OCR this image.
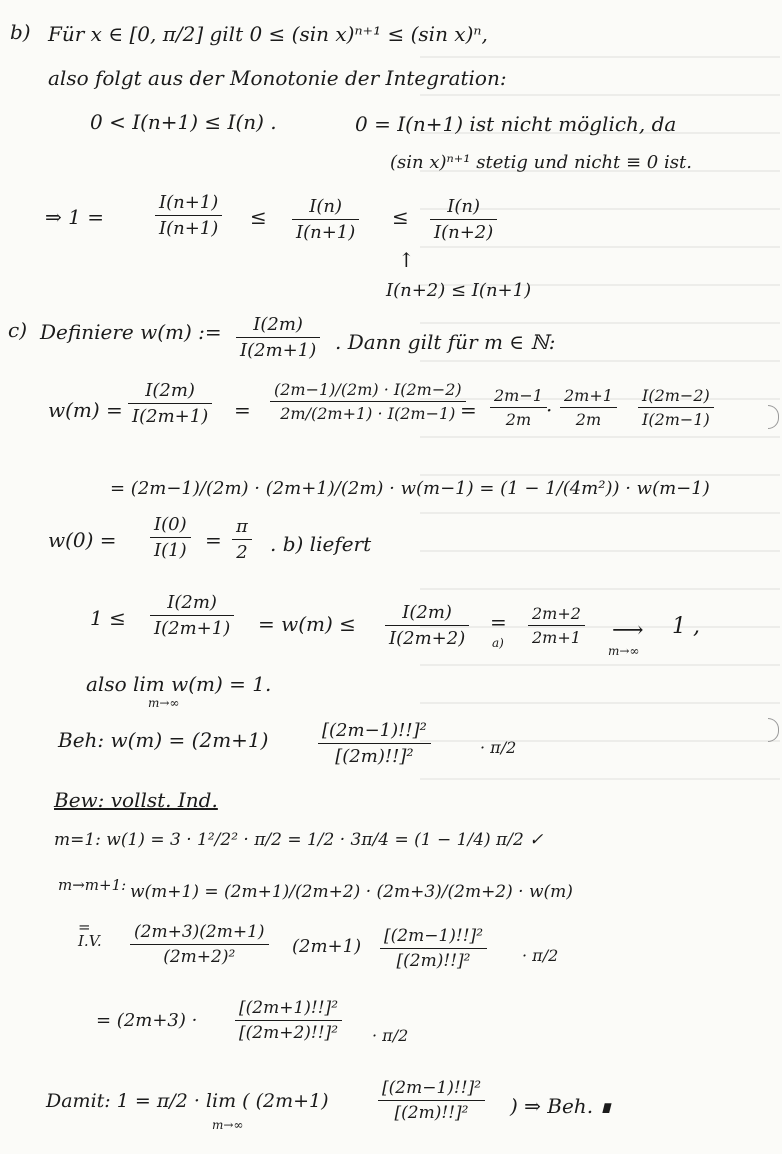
b) Für x ∈ [0, π/2] gilt 0 ≤ (sin x)ⁿ⁺¹ ≤ (sin x)ⁿ,
also folgt aus der Monotonie der Integration:
0 < I(n+1) ≤ I(n) .	0 = I(n+1) ist nicht möglich, da
(sin x)ⁿ⁺¹ stetig und nicht ≡ 0 ist.
⇒ 1 =	$\frac{I(n+1)}{I(n+1)} \le \frac{I(n)}{I(n+1)} \le \frac{I(n)}{I(n+2)}$
↑
I(n+2) ≤ I(n+1)
c) Definiere w(m) := $\frac{I(2m)}{I(2m+1)}$ . Dann gilt für m ∈ ℕ:
$w(m) = \frac{I(2m)}{I(2m+1)} = \frac{(2m-1)/(2m) \cdot I(2m-2)}{2m/(2m+1) \cdot I(2m-1)}$
= $\frac{2m-1}{2m} \cdot \frac{2m+1}{2m} \frac{I(2m-2)}{I(2m-1)}$
= (2m−1)/(2m) · (2m+1)/(2m) · w(m−1) = (1 − 1/(4m²)) · w(m−1)
$w(0) = \frac{I(0)}{I(1)} = \frac{\pi}{2}$ . b) liefert
$1 \le \frac{I(2m)}{I(2m+1)} = w(m) \le \frac{I(2m)}{I(2m+2)}$ =
$a) \frac{2m+2}{2m+1}$ ⟶
m→∞
1 ,
also lim w(m) = 1.
m→∞
Beh: w(m) = (2m+1)	$\frac{\text{[(2m−1)!!]²}}{\text{[(2m)!!]²}}$	· π/2
Bew: vollst. Ind.
m=1: w(1) = 3 · 1²/2² · π/2 = 1/2 · 3π/4 = (1 − 1/4) π/2 ✓
m→m+1: w(m+1) = (2m+1)/(2m+2) · (2m+3)/(2m+2) · w(m)
=
I.V. $\frac{(2m+3)(2m+1)}{\text{(2m+2)²}} (2m+1) \frac{\text{[(2m−1)!!]²}}{\text{[(2m)!!]²}} \cdot \pi/2$
= $(2m+3) \cdot \frac{\text{[(2m+1)!!]²}}{\text{[(2m+2)!!]²}} \cdot \pi/2$
Damit: 1 = π/2 · lim ( (2m+1)
m→∞
$\frac{\text{[(2m−1)!!]²}}{\text{[(2m)!!]²}}$ ) ⇒ Beh. ∎
